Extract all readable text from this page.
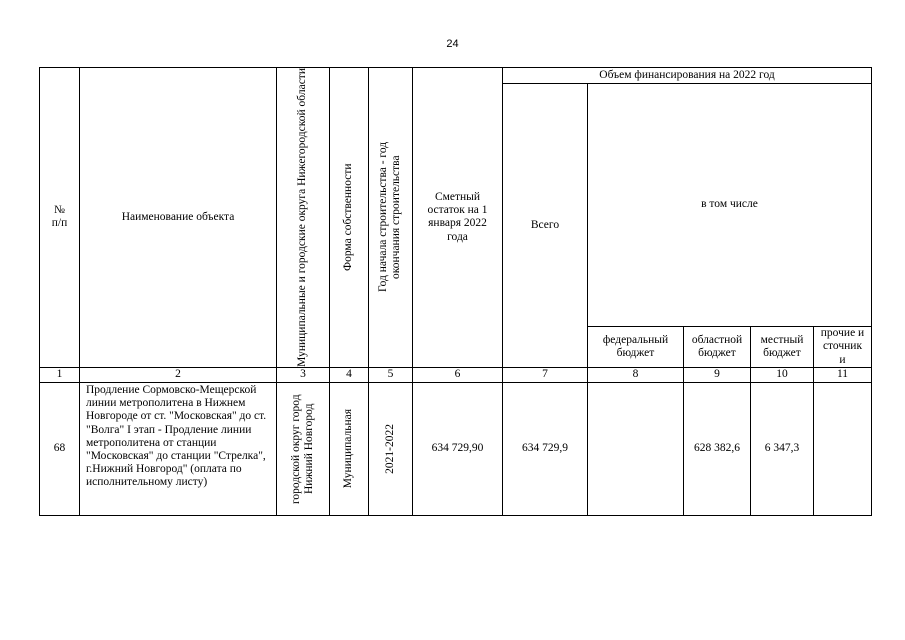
24
№
п/п	Наименование объекта	Муниципальные и городские округа Нижегородской области	Форма собственности	Год начала строительства - год окончания строительства	Сметный остаток на 1 января 2022 года	Объем финансирования на 2022 год				
						Всего	в том числе			
							федеральный бюджет	областной бюджет	местный бюджет	прочие источники
1	2	3	4	5	6	7	8	9	10	11
68	Продление Сормовско-Мещерской линии метрополитена в Нижнем Новгороде от ст. "Московская" до ст. "Волга" I этап - Продление линии метрополитена от станции "Московская" до станции "Стрелка", г.Нижний Новгород" (оплата по исполнительному листу)	городской округ город Нижний Новгород	Муниципальная	2021-2022	634 729,90	634 729,9		628 382,6	6 347,3	
